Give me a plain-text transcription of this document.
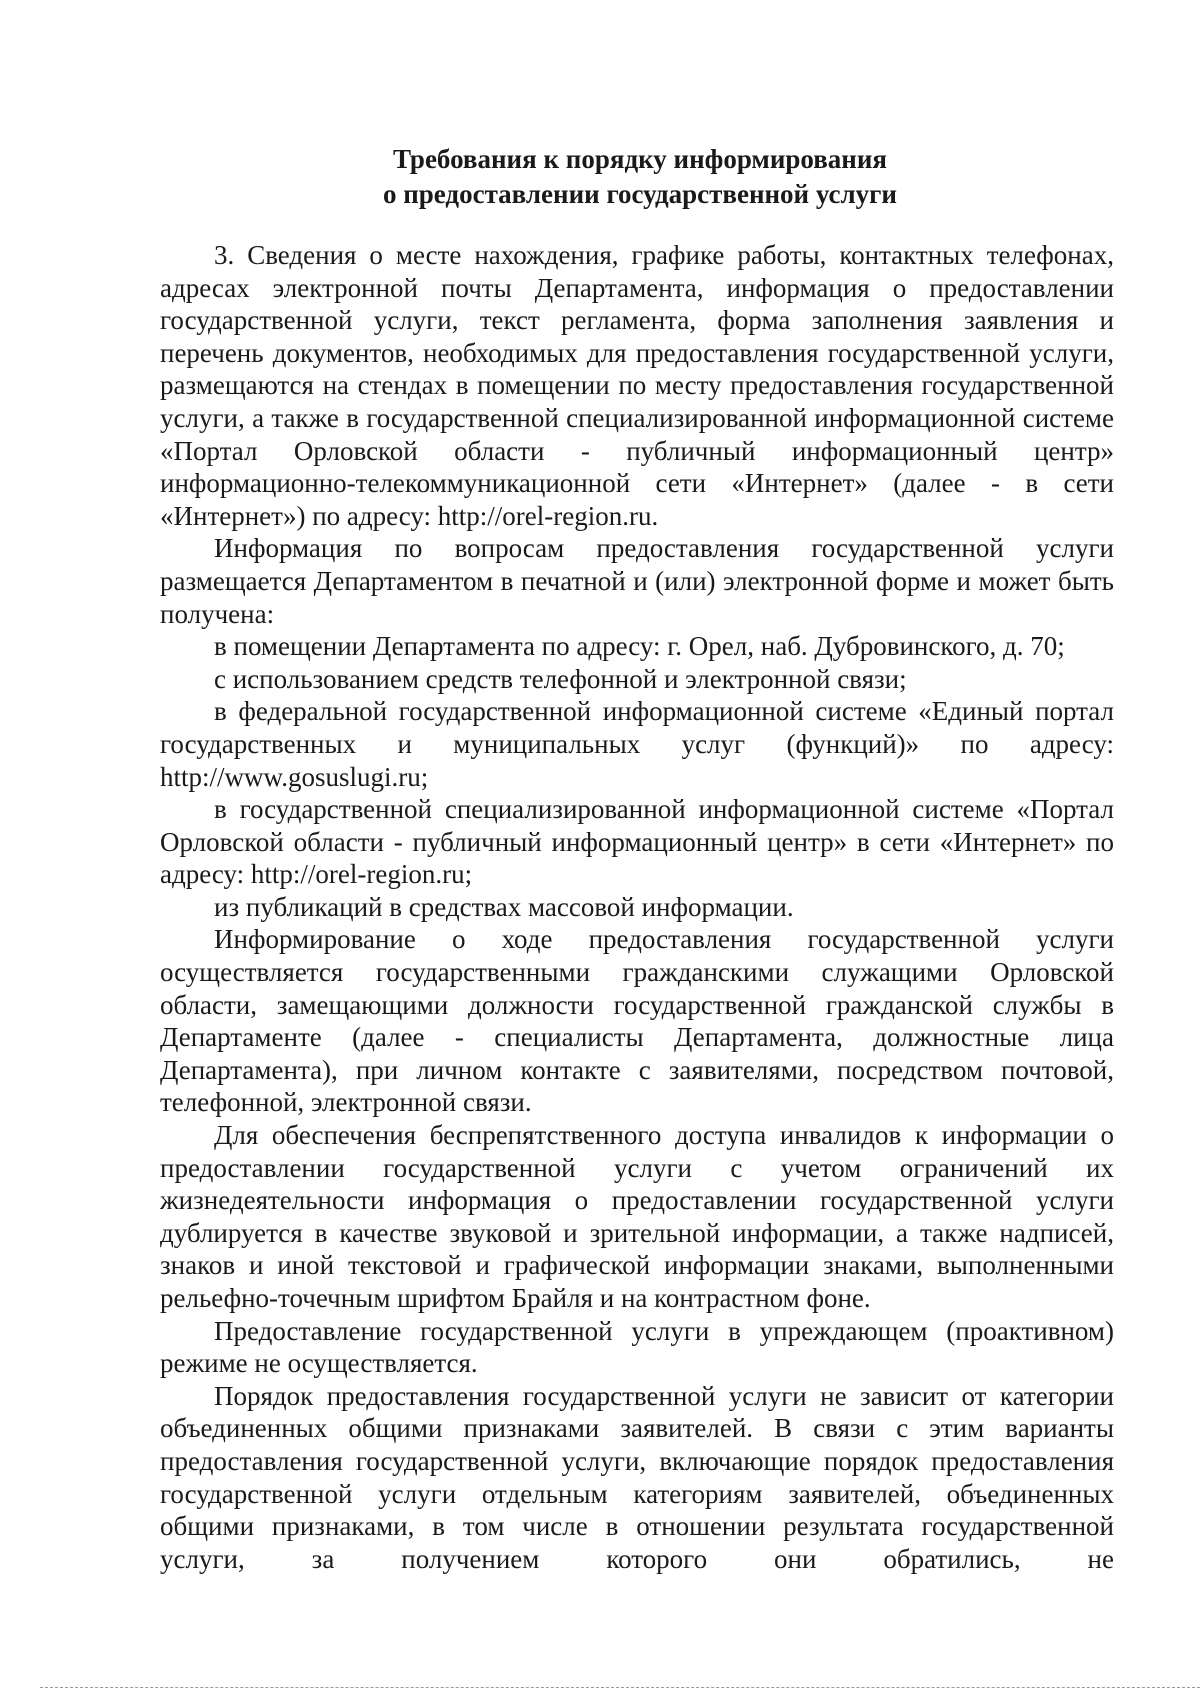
Требования к порядку информирования
о предоставлении государственной услуги

3. Сведения о месте нахождения, графике работы, контактных телефонах, адресах электронной почты Департамента, информация о предоставлении государственной услуги, текст регламента, форма заполнения заявления и перечень документов, необходимых для предоставления государственной услуги, размещаются на стендах в помещении по месту предоставления государственной услуги, а также в государственной специализированной информационной системе «Портал Орловской области - публичный информационный центр» информационно-телекоммуникационной сети «Интернет» (далее - в сети «Интернет») по адресу: http://orel-region.ru.

Информация по вопросам предоставления государственной услуги размещается Департаментом в печатной и (или) электронной форме и может быть получена:

в помещении Департамента по адресу: г. Орел, наб. Дубровинского, д. 70;

с использованием средств телефонной и электронной связи;

в федеральной государственной информационной системе «Единый портал государственных и муниципальных услуг (функций)» по адресу: http://www.gosuslugi.ru;

в государственной специализированной информационной системе «Портал Орловской области - публичный информационный центр» в сети «Интернет» по адресу: http://orel-region.ru;

из публикаций в средствах массовой информации.

Информирование о ходе предоставления государственной услуги осуществляется государственными гражданскими служащими Орловской области, замещающими должности государственной гражданской службы в Департаменте (далее - специалисты Департамента, должностные лица Департамента), при личном контакте с заявителями, посредством почтовой, телефонной, электронной связи.

Для обеспечения беспрепятственного доступа инвалидов к информации о предоставлении государственной услуги с учетом ограничений их жизнедеятельности информация о предоставлении государственной услуги дублируется в качестве звуковой и зрительной информации, а также надписей, знаков и иной текстовой и графической информации знаками, выполненными рельефно-точечным шрифтом Брайля и на контрастном фоне.

Предоставление государственной услуги в упреждающем (проактивном) режиме не осуществляется.

Порядок предоставления государственной услуги не зависит от категории объединенных общими признаками заявителей. В связи с этим варианты предоставления государственной услуги, включающие порядок предоставления государственной услуги отдельным категориям заявителей, объединенных общими признаками, в том числе в отношении результата государственной услуги, за получением которого они обратились, не
